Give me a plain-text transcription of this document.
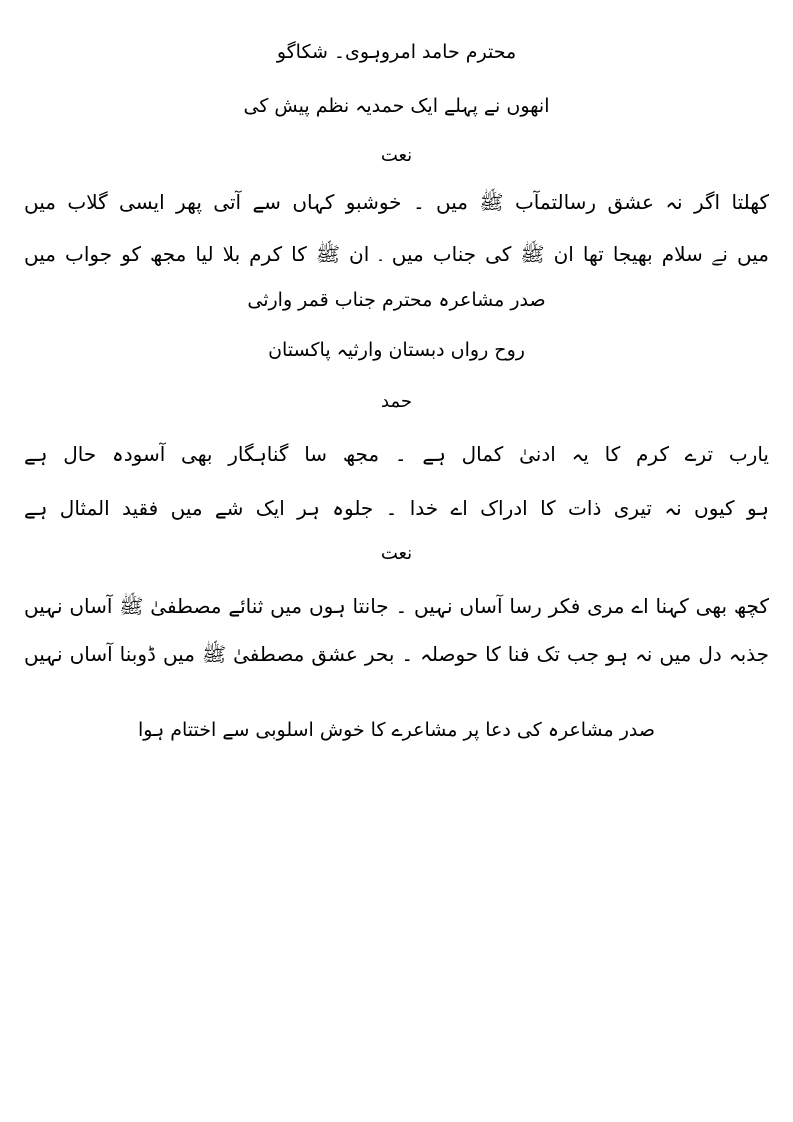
محترم حامد امروہوی۔ شکاگو
انھوں نے پہلے ایک حمدیہ نظم پیش کی
نعت
کھلتا اگر نہ عشق رسالتمآب ﷺ میں ۔ خوشبو کہاں سے آتی پھر ایسی گلاب میں
میں نے سلام بھیجا تھا ان ﷺ کی جناب میں ۔ ان ﷺ کا کرم بلا لیا مجھ کو جواب میں
صدر مشاعرہ محترم جناب قمر وارثی
روح رواں دبستان وارثیہ پاکستان
حمد
یارب ترے کرم کا یہ ادنیٰ کمال ہے ۔ مجھ سا گناہگار بھی آسودہ حال ہے
ہو کیوں نہ تیری ذات کا ادراک اے خدا ۔ جلوہ ہر ایک شے میں فقید المثال ہے
نعت
کچھ بھی کہنا اے مری فکر رسا آساں نہیں ۔ جانتا ہوں میں ثنائے مصطفیٰ ﷺ آساں نہیں
جذبہ دل میں نہ ہو جب تک فنا کا حوصلہ ۔ بحر عشق مصطفیٰ ﷺ میں ڈوبنا آساں نہیں
صدر مشاعرہ کی دعا پر مشاعرے کا خوش اسلوبی سے اختتام ہوا
